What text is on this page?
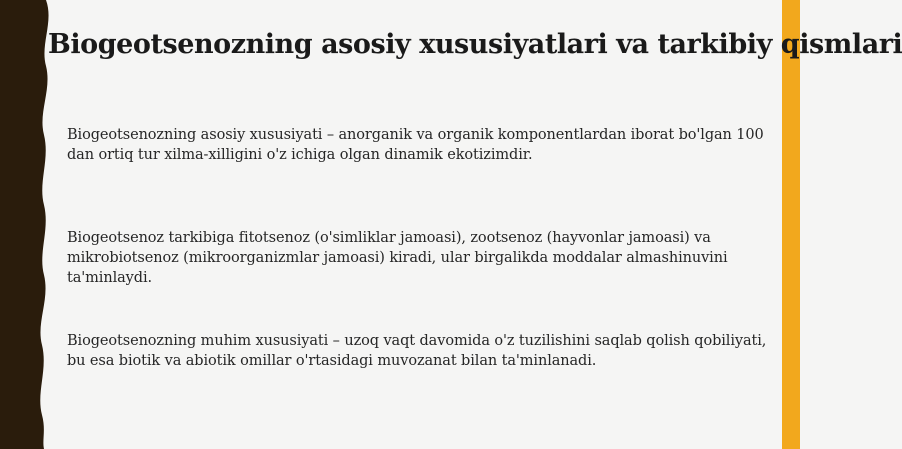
Biogeotsenozning asosiy xususiyatlari va tarkibiy qismlari

Biogeotsenozning asosiy xususiyati – anorganik va organik komponentlardan iborat bo'lgan 100 dan ortiq tur xilma-xilligini o'z ichiga olgan dinamik ekotizimdir.

Biogeotsenoz tarkibiga fitotsenoz (o'simliklar jamoasi), zootsenoz (hayvonlar jamoasi) va mikrobiotsenoz (mikroorganizmlar jamoasi) kiradi, ular birgalikda moddalar almashinuvini ta'minlaydi.

Biogeotsenozning muhim xususiyati – uzoq vaqt davomida o'z tuzilishini saqlab qolish qobiliyati, bu esa biotik va abiotik omillar o'rtasidagi muvozanat bilan ta'minlanadi.
